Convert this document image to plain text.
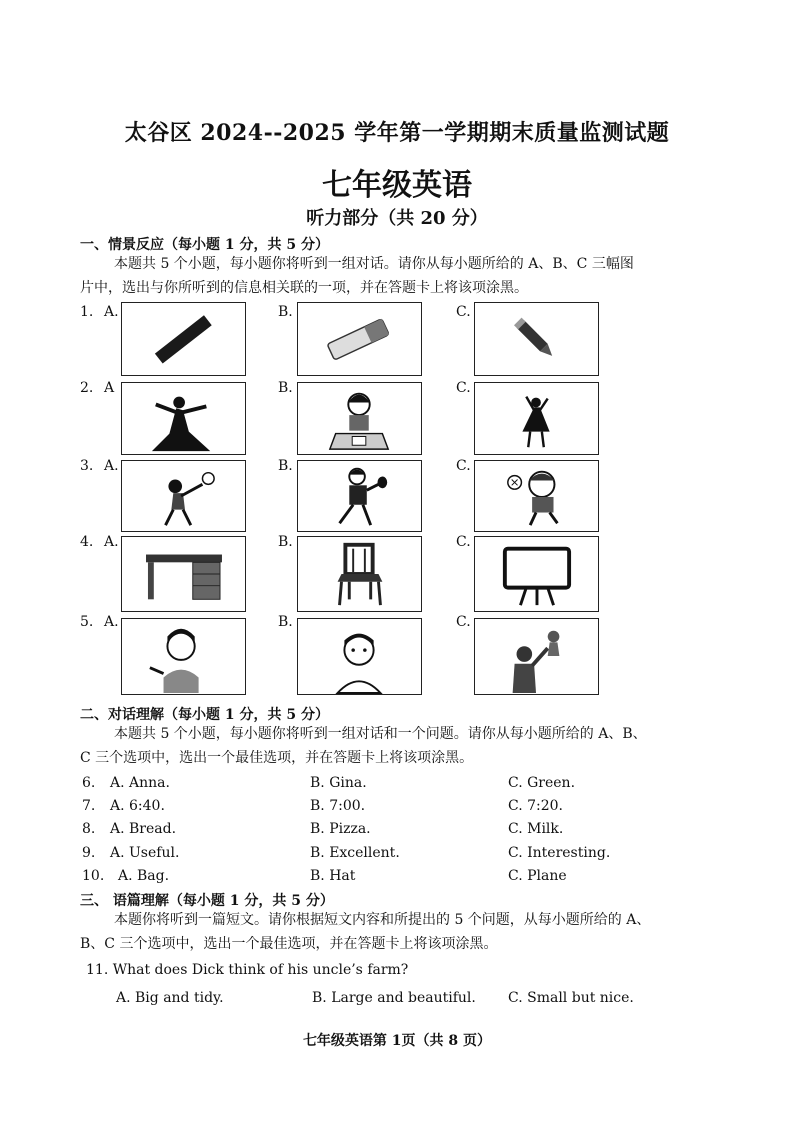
太谷区 2024--2025 学年第一学期期末质量监测试题
七年级英语
听力部分（共 20 分）
一、情景反应（每小题 1 分，共 5 分）
本题共 5 个小题，每小题你将听到一组对话。请你从每小题所给的 A、B、C 三幅图
片中，选出与你所听到的信息相关联的一项，并在答题卡上将该项涂黑。
1. A.	B.	C.
2. A	B.	C.
3. A.	B.	C.
4. A.	B.	C.
5. A.	B.	C.
二、对话理解（每小题 1 分，共 5 分）
本题共 5 个小题，每小题你将听到一组对话和一个问题。请你从每小题所给的 A、B、
C 三个选项中，选出一个最佳选项，并在答题卡上将该项涂黑。
6. A. Anna.	B. Gina.	C. Green.
7. A. 6:40.	B. 7:00.	C. 7:20.
8. A. Bread.	B. Pizza.	C. Milk.
9. A. Useful.	B. Excellent.	C. Interesting.
10. A. Bag.	B. Hat	C. Plane
三、 语篇理解（每小题 1 分，共 5 分）
本题你将听到一篇短文。请你根据短文内容和所提出的 5 个问题，从每小题所给的 A、
B、C 三个选项中，选出一个最佳选项，并在答题卡上将该项涂黑。
11. What does Dick think of his uncle’s farm?
A. Big and tidy.	B. Large and beautiful. C. Small but nice.
七年级英语第 1页（共 8 页）
